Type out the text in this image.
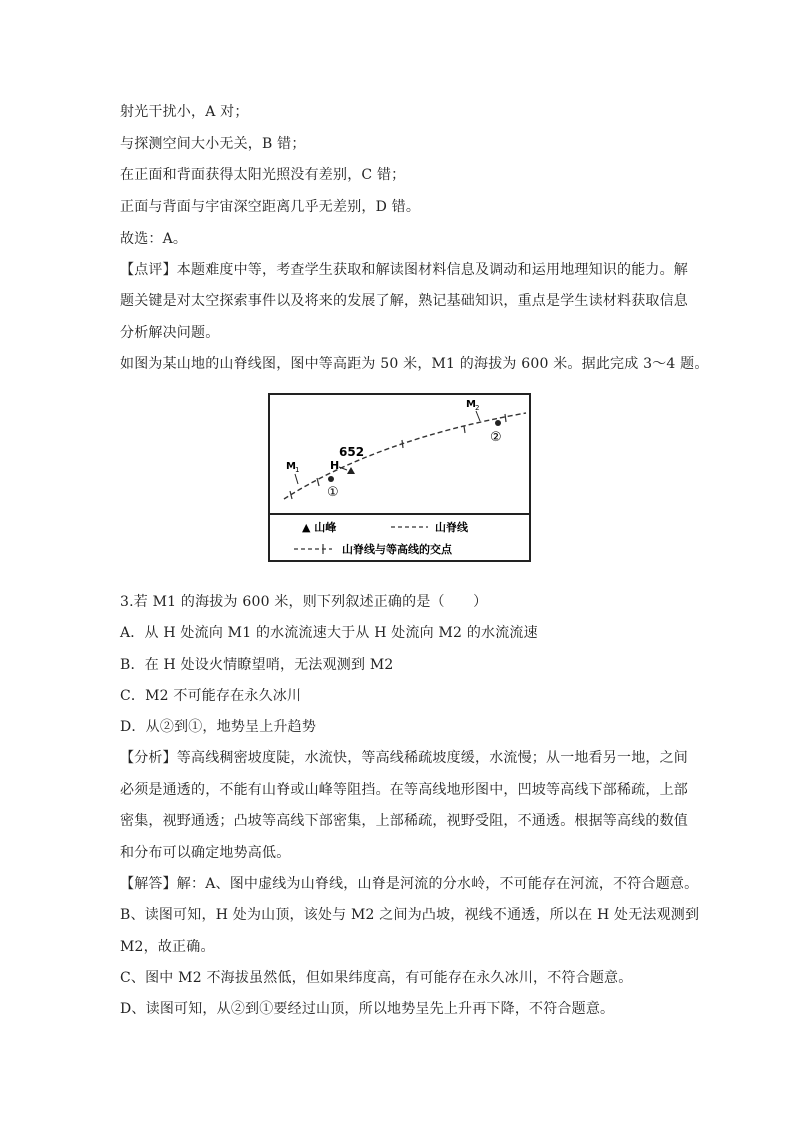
射光干扰小，A 对；
与探测空间大小无关，B 错；
在正面和背面获得太阳光照没有差别，C 错；
正面与背面与宇宙深空距离几乎无差别，D 错。
故选：A。
【点评】本题难度中等，考查学生获取和解读图材料信息及调动和运用地理知识的能力。解
题关键是对太空探索事件以及将来的发展了解，熟记基础知识，重点是学生读材料获取信息
分析解决问题。
如图为某山地的山脊线图，图中等高距为 50 米，M1 的海拔为 600 米。据此完成 3～4 题。
652
H
①
M 1
②
M 2
▲ 山峰	山脊线
山脊线与等高线的交点
3.若 M1 的海拔为 600 米，则下列叙述正确的是（　　）
A．从 H 处流向 M1 的水流流速大于从 H 处流向 M2 的水流流速
B．在 H 处设火情瞭望哨，无法观测到 M2
C．M2 不可能存在永久冰川
D．从②到①，地势呈上升趋势
【分析】等高线稠密坡度陡，水流快，等高线稀疏坡度缓，水流慢；从一地看另一地，之间
必须是通透的，不能有山脊或山峰等阻挡。在等高线地形图中，凹坡等高线下部稀疏，上部
密集，视野通透；凸坡等高线下部密集，上部稀疏，视野受阻，不通透。根据等高线的数值
和分布可以确定地势高低。
【解答】解：A、图中虚线为山脊线，山脊是河流的分水岭，不可能存在河流，不符合题意。
B、读图可知，H 处为山顶，该处与 M2 之间为凸坡，视线不通透，所以在 H 处无法观测到
M2，故正确。
C、图中 M2 不海拔虽然低，但如果纬度高，有可能存在永久冰川，不符合题意。
D、读图可知，从②到①要经过山顶，所以地势呈先上升再下降，不符合题意。
